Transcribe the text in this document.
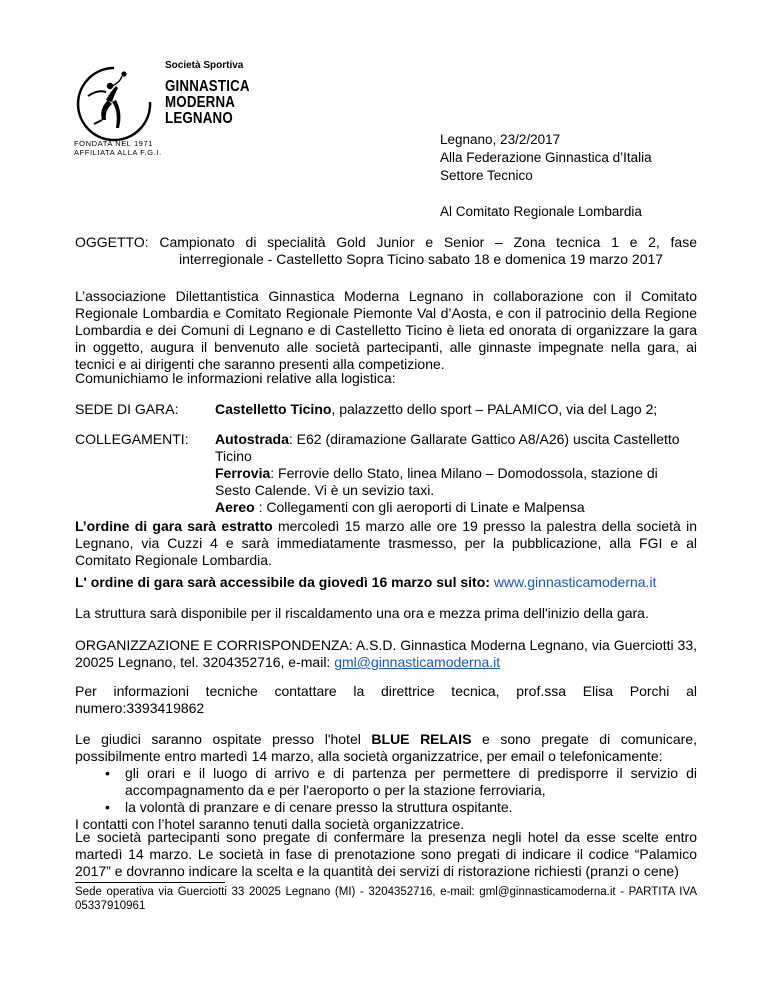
Società Sportiva
GINNASTICA
MODERNA
LEGNANO
FONDATA NEL 1971
AFFILIATA ALLA F.G.I.
Legnano, 23/2/2017
Alla Federazione Ginnastica d’Italia
Settore Tecnico
Al Comitato Regionale Lombardia
OGGETTO: Campionato di specialità Gold Junior e Senior – Zona tecnica 1 e 2, fase
interregionale - Castelletto Sopra Ticino sabato 18 e domenica 19 marzo 2017
L’associazione Dilettantistica Ginnastica Moderna Legnano in collaborazione con il Comitato Regionale Lombardia e Comitato Regionale Piemonte Val d’Aosta, e con il patrocinio della Regione Lombardia e dei Comuni di Legnano e di Castelletto Ticino è lieta ed onorata di organizzare la gara in oggetto, augura il benvenuto alle società partecipanti, alle ginnaste impegnate nella gara, ai tecnici e ai dirigenti che saranno presenti alla competizione.
Comunichiamo le informazioni relative alla logistica:
SEDE DI GARA:	Castelletto Ticino, palazzetto dello sport – PALAMICO, via del Lago 2;
COLLEGAMENTI: Autostrada: E62 (diramazione Gallarate Gattico A8/A26) uscita Castelletto Ticino
Ferrovia: Ferrovie dello Stato, linea Milano – Domodossola, stazione di Sesto Calende. Vi è un sevizio taxi.
Aereo : Collegamenti con gli aeroporti di Linate e Malpensa
L’ordine di gara sarà estratto mercoledì 15 marzo alle ore 19 presso la palestra della società in Legnano, via Cuzzi 4 e sarà immediatamente trasmesso, per la pubblicazione, alla FGI e al Comitato Regionale Lombardia.
L' ordine di gara sarà accessibile da giovedì 16 marzo sul sito: www.ginnasticamoderna.it
La struttura sarà disponibile per il riscaldamento una ora e mezza prima dell'inizio della gara.
ORGANIZZAZIONE E CORRISPONDENZA: A.S.D. Ginnastica Moderna Legnano, via Guerciotti 33, 20025 Legnano, tel. 3204352716, e-mail: gml@ginnasticamoderna.it
Per informazioni tecniche contattare la direttrice tecnica, prof.ssa Elisa Porchi al
numero:3393419862
Le giudici saranno ospitate presso l'hotel BLUE RELAIS e sono pregate di comunicare, possibilmente entro martedì 14 marzo, alla società organizzatrice, per email o telefonicamente:
• gli orari e il luogo di arrivo e di partenza per permettere di predisporre il servizio di accompagnamento da e per l'aeroporto o per la stazione ferroviaria,
• la volontà di pranzare e di cenare presso la struttura ospitante.
I contatti con l’hotel saranno tenuti dalla società organizzatrice.
Le società partecipanti sono pregate di confermare la presenza negli hotel da esse scelte entro martedì 14 marzo. Le società in fase di prenotazione sono pregati di indicare il codice “Palamico 2017” e dovranno indicare la scelta e la quantità dei servizi di ristorazione richiesti (pranzi o cene)
Sede operativa via Guerciotti 33 20025 Legnano (MI) - 3204352716, e-mail: gml@ginnasticamoderna.it - PARTITA IVA 05337910961
